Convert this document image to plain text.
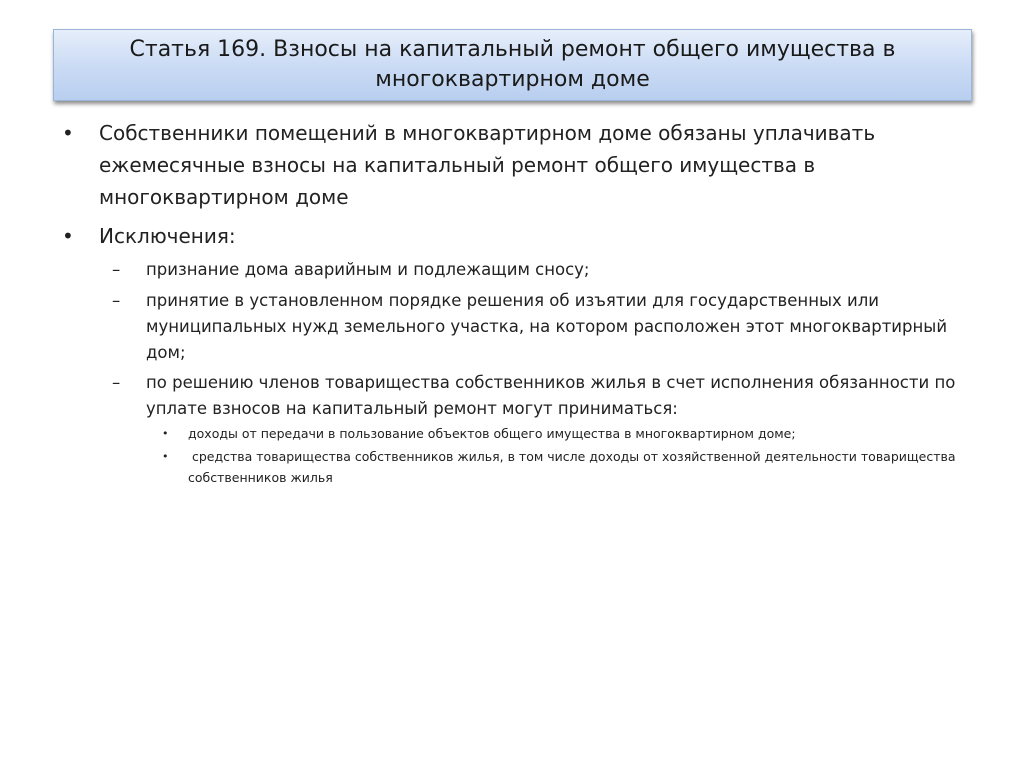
Статья 169. Взносы на капитальный ремонт общего имущества в многоквартирном доме
•	Собственники помещений в многоквартирном доме обязаны уплачивать ежемесячные взносы на капитальный ремонт общего имущества в многоквартирном доме
•	Исключения:
–	признание дома аварийным и подлежащим сносу;
–	принятие в установленном порядке решения об изъятии для государственных или муниципальных нужд земельного участка, на котором расположен этот многоквартирный дом;
–	по решению членов товарищества собственников жилья в счет исполнения обязанности по уплате взносов на капитальный ремонт могут приниматься:
•	доходы от передачи в пользование объектов общего имущества в многоквартирном доме;
•	средства товарищества собственников жилья, в том числе доходы от хозяйственной деятельности товарищества собственников жилья
